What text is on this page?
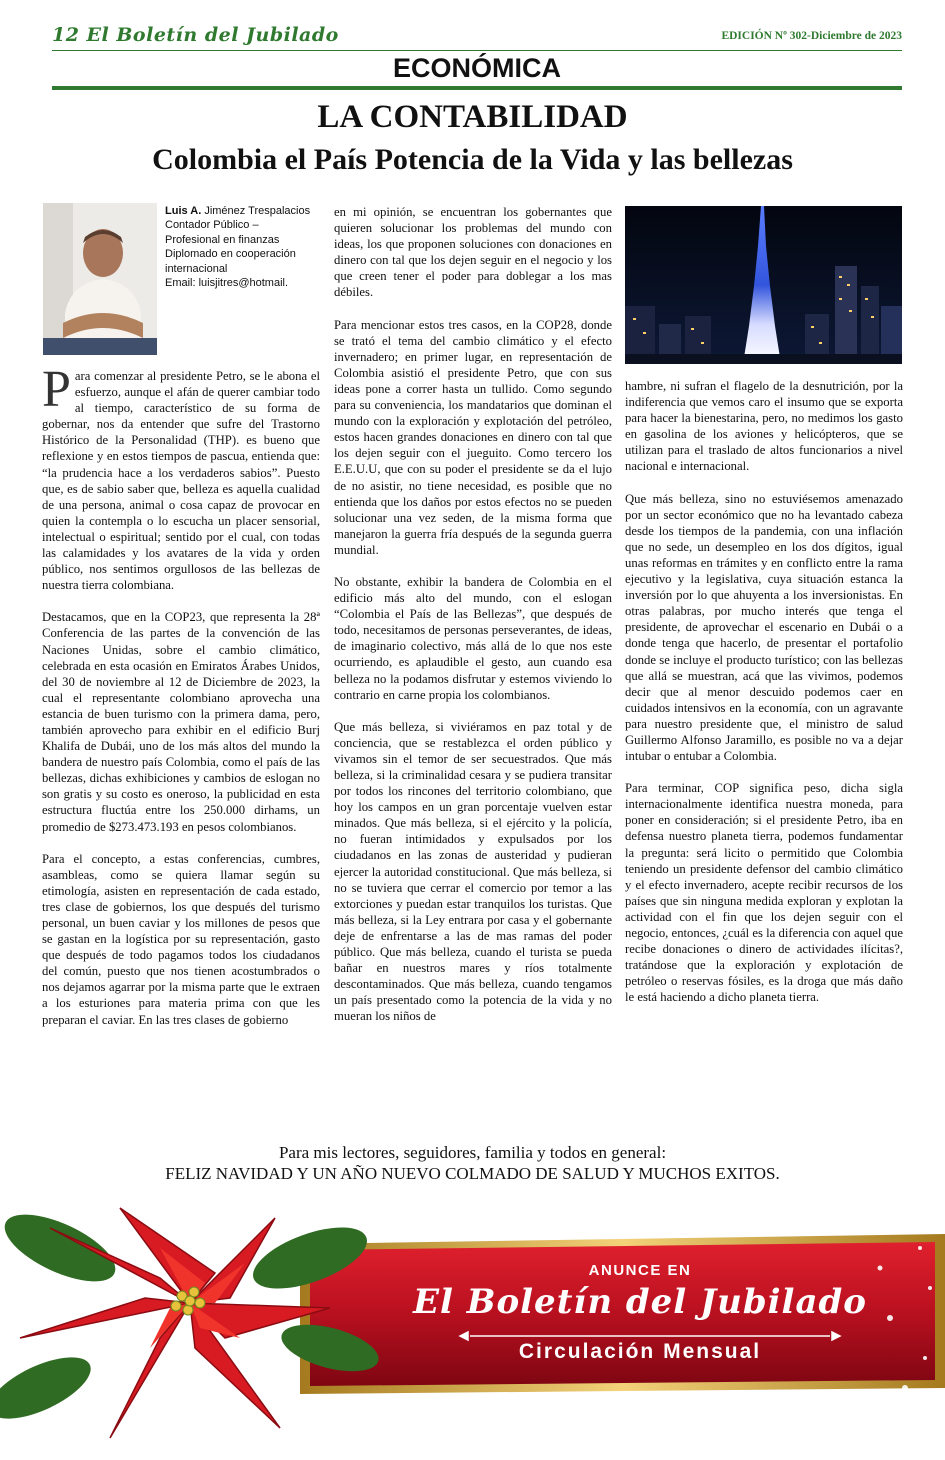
12 El Boletín del Jubilado	EDICIÓN Nº 302-Diciembre de 2023
ECONÓMICA
LA CONTABILIDAD
Colombia el País Potencia de la Vida y las bellezas
Luis A. Jiménez Trespalacios
Contador Público –
Profesional en finanzas
Diplomado en cooperación internacional
Email: luisjitres@hotmail.

Para comenzar al presidente Petro, se le abona el esfuerzo, aunque el afán de querer cambiar todo al tiempo, característico de su forma de gobernar, nos da entender que sufre del Trastorno Histórico de la Personalidad (THP). es bueno que reflexione y en estos tiempos de pascua, entienda que: “la prudencia hace a los verdaderos sabios”. Puesto que, es de sabio saber que, belleza es aquella cualidad de una persona, animal o cosa capaz de provocar en quien la contempla o lo escucha un placer sensorial, intelectual o espiritual; sentido por el cual, con todas las calamidades y los avatares de la vida y orden público, nos sentimos orgullosos de las bellezas de nuestra tierra colombiana.

Destacamos, que en la COP23, que representa la 28ª Conferencia de las partes de la convención de las Naciones Unidas, sobre el cambio climático, celebrada en esta ocasión en Emiratos Árabes Unidos, del 30 de noviembre al 12 de Diciembre de 2023, la cual el representante colombiano aprovecha una estancia de buen turismo con la primera dama, pero, también aprovecho para exhibir en el edificio Burj Khalifa de Dubái, uno de los más altos del mundo la bandera de nuestro país Colombia, como el país de las bellezas, dichas exhibiciones y cambios de eslogan no son gratis y su costo es oneroso, la publicidad en esta estructura fluctúa entre los 250.000 dirhams, un promedio de $273.473.193 en pesos colombianos.

Para el concepto, a estas conferencias, cumbres, asambleas, como se quiera llamar según su etimología, asisten en representación de cada estado, tres clase de gobiernos, los que después del turismo personal, un buen caviar y los millones de pesos que se gastan en la logística por su representación, gasto que después de todo pagamos todos los ciudadanos del común, puesto que nos tienen acostumbrados o nos dejamos agarrar por la misma parte que le extraen a los esturiones para materia prima con que les preparan el caviar. En las tres clases de gobierno

en mi opinión, se encuentran los gobernantes que quieren solucionar los problemas del mundo con ideas, los que proponen soluciones con donaciones en dinero con tal que los dejen seguir en el negocio y los que creen tener el poder para doblegar a los mas débiles.

Para mencionar estos tres casos, en la COP28, donde se trató el tema del cambio climático y el efecto invernadero; en primer lugar, en representación de Colombia asistió el presidente Petro, que con sus ideas pone a correr hasta un tullido. Como segundo para su conveniencia, los mandatarios que dominan el mundo con la exploración y explotación del petróleo, estos hacen grandes donaciones en dinero con tal que los dejen seguir con el jueguito. Como tercero los E.E.U.U, que con su poder el presidente se da el lujo de no asistir, no tiene necesidad, es posible que no entienda que los daños por estos efectos no se pueden solucionar una vez seden, de la misma forma que manejaron la guerra fría después de la segunda guerra mundial.

No obstante, exhibir la bandera de Colombia en el edificio más alto del mundo, con el eslogan “Colombia el País de las Bellezas”, que después de todo, necesitamos de personas perseverantes, de ideas, de imaginario colectivo, más allá de lo que nos este ocurriendo, es aplaudible el gesto, aun cuando esa belleza no la podamos disfrutar y estemos viviendo lo contrario en carne propia los colombianos.

Que más belleza, si viviéramos en paz total y de conciencia, que se restablezca el orden público y vivamos sin el temor de ser secuestrados. Que más belleza, si la criminalidad cesara y se pudiera transitar por todos los rincones del territorio colombiano, que hoy los campos en un gran porcentaje vuelven estar minados. Que más belleza, si el ejército y la policía, no fueran intimidados y expulsados por los ciudadanos en las zonas de austeridad y pudieran ejercer la autoridad constitucional. Que más belleza, si no se tuviera que cerrar el comercio por temor a las extorciones y puedan estar tranquilos los turistas. Que más belleza, si la Ley entrara por casa y el gobernante deje de enfrentarse a las de mas ramas del poder público. Que más belleza, cuando el turista se pueda bañar en nuestros mares y ríos totalmente descontaminados. Que más belleza, cuando tengamos un país presentado como la potencia de la vida y no mueran los niños de

hambre, ni sufran el flagelo de la desnutrición, por la indiferencia que vemos caro el insumo que se exporta para hacer la bienestarina, pero, no medimos los gasto en gasolina de los aviones y helicópteros, que se utilizan para el traslado de altos funcionarios a nivel nacional e internacional.

Que más belleza, sino no estuviésemos amenazado por un sector económico que no ha levantado cabeza desde los tiempos de la pandemia, con una inflación que no sede, un desempleo en los dos dígitos, igual unas reformas en trámites y en conflicto entre la rama ejecutivo y la legislativa, cuya situación estanca la inversión por lo que ahuyenta a los inversionistas. En otras palabras, por mucho interés que tenga el presidente, de aprovechar el escenario en Dubái o a donde tenga que hacerlo, de presentar el portafolio donde se incluye el producto turístico; con las bellezas que allá se muestran, acá que las vivimos, podemos decir que al menor descuido podemos caer en cuidados intensivos en la economía, con un agravante para nuestro presidente que, el ministro de salud Guillermo Alfonso Jaramillo, es posible no va a dejar intubar o entubar a Colombia.

Para terminar, COP significa peso, dicha sigla internacionalmente identifica nuestra moneda, para poner en consideración; si el presidente Petro, iba en defensa nuestro planeta tierra, podemos fundamentar la pregunta: será licito o permitido que Colombia teniendo un presidente defensor del cambio climático y el efecto invernadero, acepte recibir recursos de los países que sin ninguna medida exploran y explotan la actividad con el fin que los dejen seguir con el negocio, entonces, ¿cuál es la diferencia con aquel que recibe donaciones o dinero de actividades ilícitas?, tratándose que la exploración y explotación de petróleo o reservas fósiles, es la droga que más daño le está haciendo a dicho planeta tierra.

Para mis lectores, seguidores, familia y todos en general:
FELIZ NAVIDAD Y UN AÑO NUEVO COLMADO DE SALUD Y MUCHOS EXITOS.
ANUNCE EN
El Boletín del Jubilado
Circulación Mensual
